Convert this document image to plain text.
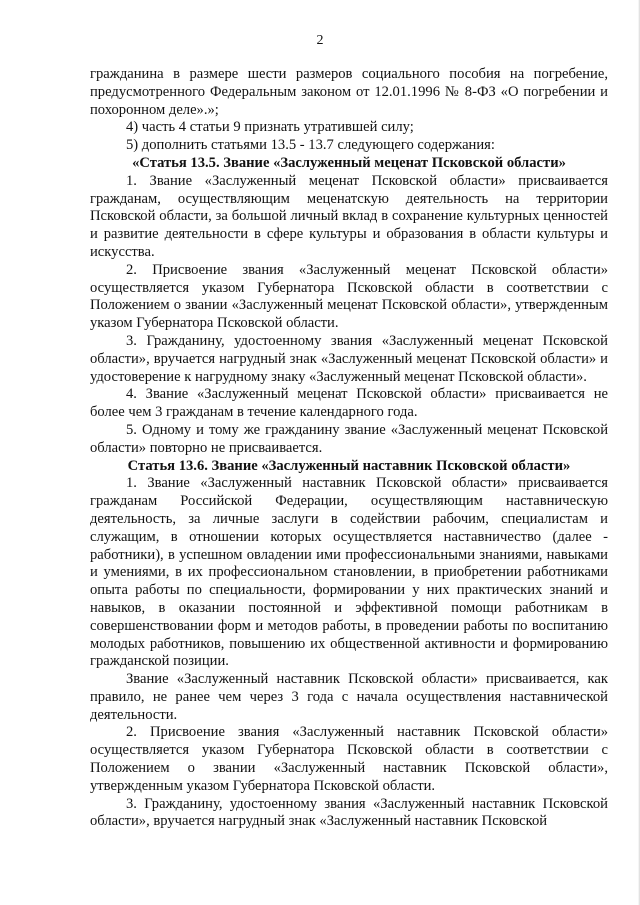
2

гражданина в размере шести размеров социального пособия на погребение, предусмотренного Федеральным законом от 12.01.1996 № 8-ФЗ «О погребении и похоронном деле».»;

4) часть 4 статьи 9 признать утратившей силу;

5) дополнить статьями 13.5 - 13.7 следующего содержания:

«Статья 13.5. Звание «Заслуженный меценат Псковской области»

1. Звание «Заслуженный меценат Псковской области» присваивается гражданам, осуществляющим меценатскую деятельность на территории Псковской области, за большой личный вклад в сохранение культурных ценностей и развитие деятельности в сфере культуры и образования в области культуры и искусства.

2. Присвоение звания «Заслуженный меценат Псковской области» осуществляется указом Губернатора Псковской области в соответствии с Положением о звании «Заслуженный меценат Псковской области», утвержденным указом Губернатора Псковской области.

3. Гражданину, удостоенному звания «Заслуженный меценат Псковской области», вручается нагрудный знак «Заслуженный меценат Псковской области» и удостоверение к нагрудному знаку «Заслуженный меценат Псковской области».

4. Звание «Заслуженный меценат Псковской области» присваивается не более чем 3 гражданам в течение календарного года.

5. Одному и тому же гражданину звание «Заслуженный меценат Псковской области» повторно не присваивается.

Статья 13.6. Звание «Заслуженный наставник Псковской области»

1. Звание «Заслуженный наставник Псковской области» присваивается гражданам Российской Федерации, осуществляющим наставническую деятельность, за личные заслуги в содействии рабочим, специалистам и служащим, в отношении которых осуществляется наставничество (далее - работники), в успешном овладении ими профессиональными знаниями, навыками и умениями, в их профессиональном становлении, в приобретении работниками опыта работы по специальности, формировании у них практических знаний и навыков, в оказании постоянной и эффективной помощи работникам в совершенствовании форм и методов работы, в проведении работы по воспитанию молодых работников, повышению их общественной активности и формированию гражданской позиции.

Звание «Заслуженный наставник Псковской области» присваивается, как правило, не ранее чем через 3 года с начала осуществления наставнической деятельности.

2. Присвоение звания «Заслуженный наставник Псковской области» осуществляется указом Губернатора Псковской области в соответствии с Положением о звании «Заслуженный наставник Псковской области», утвержденным указом Губернатора Псковской области.

3. Гражданину, удостоенному звания «Заслуженный наставник Псковской области», вручается нагрудный знак «Заслуженный наставник Псковской
